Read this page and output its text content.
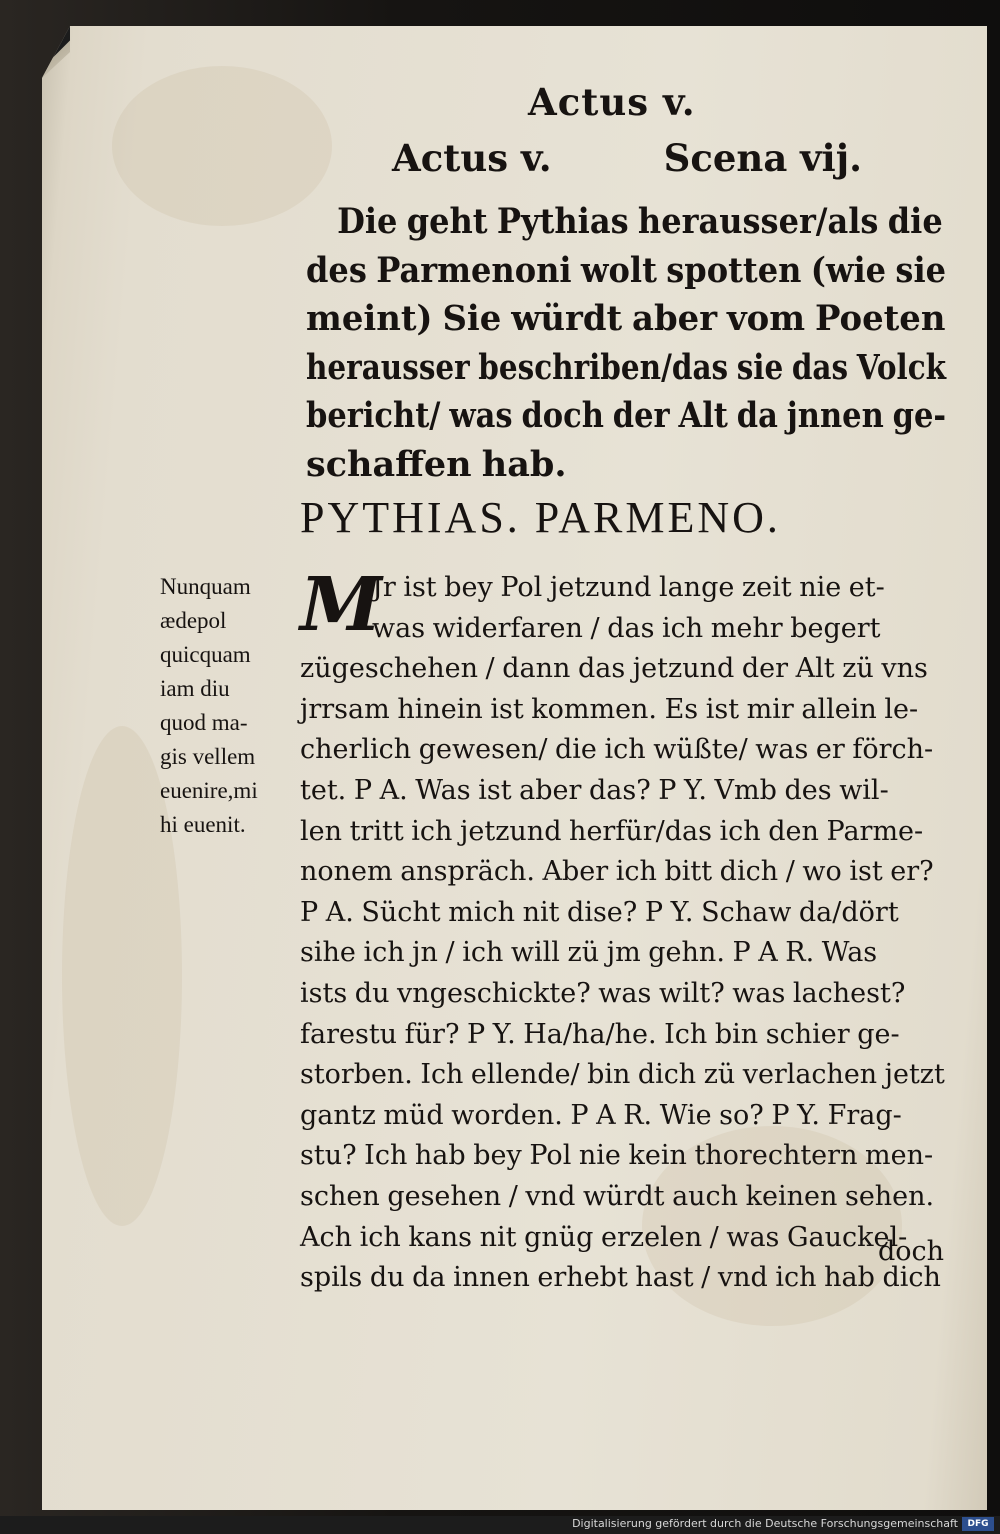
Actus v.
Actus v.	Scena vij.
Die geht Pythias herausser/als die
des Parmenoni wolt spotten (wie sie
meint) Sie würdt aber vom Poeten
herausser beschriben/das sie das Volck
bericht/ was doch der Alt da jnnen ge-
schaffen hab.
PYTHIAS. PARMENO.
Nunquam
ædepol
quicquam
iam diu
quod ma-
gis vellem
euenire,mi
hi euenit.
M
Jr ist bey Pol jetzund lange zeit nie et-
was widerfaren / das ich mehr begert
zügeschehen / dann das jetzund der Alt zü vns
jrrsam hinein ist kommen. Es ist mir allein le-
cherlich gewesen/ die ich wüßte/ was er förch-
tet. P A. Was ist aber das? P Y. Vmb des wil-
len tritt ich jetzund herfür/das ich den Parme-
nonem anspräch. Aber ich bitt dich / wo ist er?
P A. Sücht mich nit dise? P Y. Schaw da/dört
sihe ich jn / ich will zü jm gehn. P A R. Was
ists du vngeschickte? was wilt? was lachest?
farestu für? P Y. Ha/ha/he. Ich bin schier ge-
storben. Ich ellende/ bin dich zü verlachen jetzt
gantz müd worden. P A R. Wie so? P Y. Frag-
stu? Ich hab bey Pol nie kein thorechtern men-
schen gesehen / vnd würdt auch keinen sehen.
Ach ich kans nit gnüg erzelen / was Gauckel-
spils du da innen erhebt hast / vnd ich hab dich
doch
Digitalisierung gefördert durch die Deutsche Forschungsgemeinschaft	DFG
